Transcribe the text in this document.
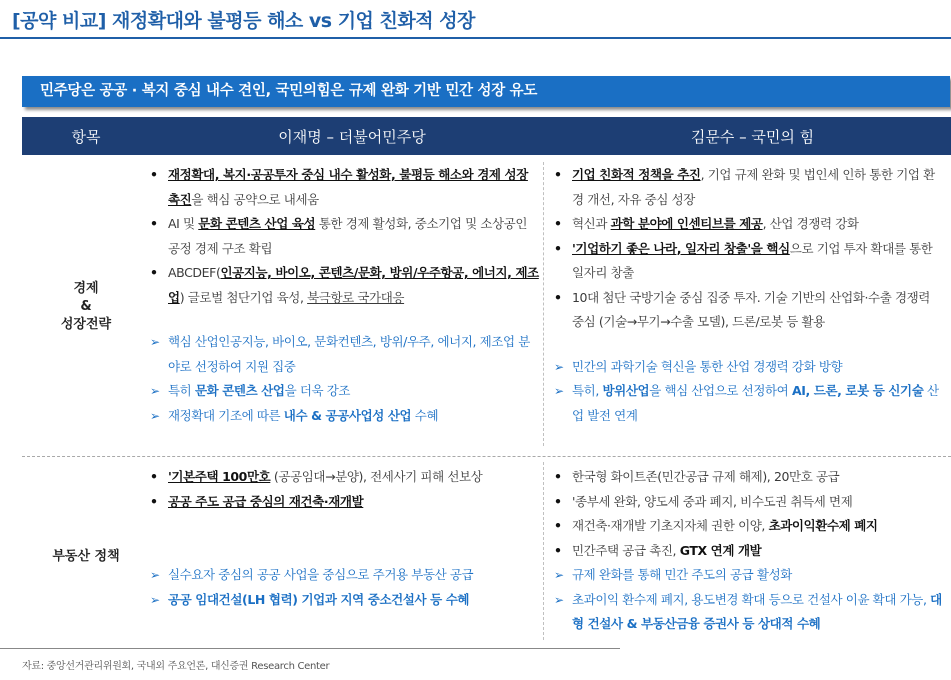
[공약 비교] 재정확대와 불평등 해소 vs 기업 친화적 성장
민주당은 공공 · 복지 중심 내수 견인, 국민의힘은 규제 완화 기반 민간 성장 유도
항목	이재명 – 더불어민주당	김문수 – 국민의 힘
경제
&
성장전략
• 재정확대, 복지·공공투자 중심 내수 활성화, 불평등 해소와 경제 성장 촉진을 핵심 공약으로 내세움
• AI 및 문화 콘텐츠 산업 육성 통한 경제 활성화, 중소기업 및 소상공인 공정 경제 구조 확립
• ABCDEF(인공지능, 바이오, 콘텐츠/문화, 방위/우주항공, 에너지, 제조업) 글로벌 첨단기업 육성, 북극항로 국가대응
➢ 핵심 산업인공지능, 바이오, 문화컨텐츠, 방위/우주, 에너지, 제조업 분야로 선정하여 지원 집중
➢ 특히 문화 콘텐츠 산업을 더욱 강조
➢ 재정확대 기조에 따른 내수 & 공공사업성 산업 수혜
• 기업 친화적 정책을 추진, 기업 규제 완화 및 법인세 인하 통한 기업 환경 개선, 자유 중심 성장
• 혁신과 과학 분야에 인센티브를 제공, 산업 경쟁력 강화
• '기업하기 좋은 나라, 일자리 창출'을 핵심으로 기업 투자 확대를 통한 일자리 창출
• 10대 첨단 국방기술 중심 집중 투자. 기술 기반의 산업화·수출 경쟁력 중심 (기술→무기→수출 모델), 드론/로봇 등 활용
➢ 민간의 과학기술 혁신을 통한 산업 경쟁력 강화 방향
➢ 특히, 방위산업을 핵심 산업으로 선정하여 AI, 드론, 로봇 등 신기술 산업 발전 연계
부동산 정책
• '기본주택 100만호 (공공임대→분양), 전세사기 피해 선보상
• 공공 주도 공급 중심의 재건축·재개발
➢ 실수요자 중심의 공공 사업을 중심으로 주거용 부동산 공급
➢ 공공 임대건설(LH 협력) 기업과 지역 중소건설사 등 수혜
• 한국형 화이트존(민간공급 규제 해제), 20만호 공급
• '종부세 완화, 양도세 중과 폐지, 비수도권 취득세 면제
• 재건축·재개발 기초지자체 권한 이양, 초과이익환수제 폐지
• 민간주택 공급 촉진, GTX 연계 개발
➢ 규제 완화를 통해 민간 주도의 공급 활성화
➢ 초과이익 환수제 폐지, 용도변경 확대 등으로 건설사 이윤 확대 가능, 대형 건설사 & 부동산금융 증권사 등 상대적 수혜
자료: 중앙선거관리위원회, 국내외 주요언론, 대신증권 Research Center
